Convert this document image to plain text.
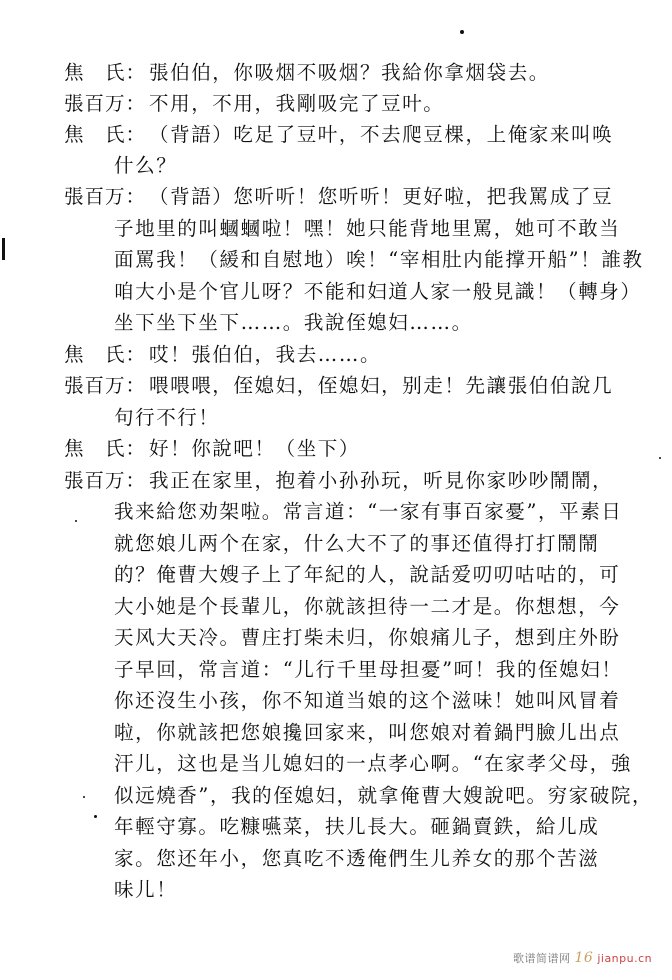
焦　氏： 張伯伯，你吸烟不吸烟？我給你拿烟袋去。
張百万： 不用，不用，我剛吸完了豆叶。
焦　氏： （背語）吃足了豆叶，不去爬豆棵，上俺家来叫唤
什么？
張百万： （背語）您听听！您听听！更好啦，把我罵成了豆
子地里的叫蟈蟈啦！嘿！她只能背地里罵，她可不敢当
面罵我！（緩和自慰地）唉！“宰相肚内能撑开船”！誰教
咱大小是个官儿呀？不能和妇道人家一般見識！（轉身）
坐下坐下坐下……。我說侄媳妇……。
焦　氏： 哎！張伯伯，我去……。
張百万： 喂喂喂，侄媳妇，侄媳妇，别走！先讓張伯伯說几
句行不行！
焦　氏： 好！你說吧！（坐下）
張百万： 我正在家里，抱着小孙孙玩，听見你家吵吵鬧鬧，
我来給您劝架啦。常言道：“一家有事百家憂”，平素日
就您娘儿两个在家，什么大不了的事还值得打打鬧鬧
的？俺曹大嫂子上了年紀的人，說話爱叨叨咕咕的，可
大小她是个長輩儿，你就該担待一二才是。你想想，今
天风大天冷。曹庄打柴未归，你娘痛儿子，想到庄外盼
子早回，常言道：“儿行千里母担憂”呵！我的侄媳妇！
你还沒生小孩，你不知道当娘的这个滋味！她叫风冒着
啦，你就該把您娘攙回家来，叫您娘对着鍋門臉儿出点
汗儿，这也是当儿媳妇的一点孝心啊。“在家孝父母，強
似远燒香”，我的侄媳妇，就拿俺曹大嫂說吧。穷家破院，
年輕守寡。吃糠嚥菜，扶儿長大。砸鍋賣鉄，給儿成
家。您还年小，您真吃不透俺們生儿养女的那个苦滋
味儿！
歌谱简谱网 16 jianpu.cn
